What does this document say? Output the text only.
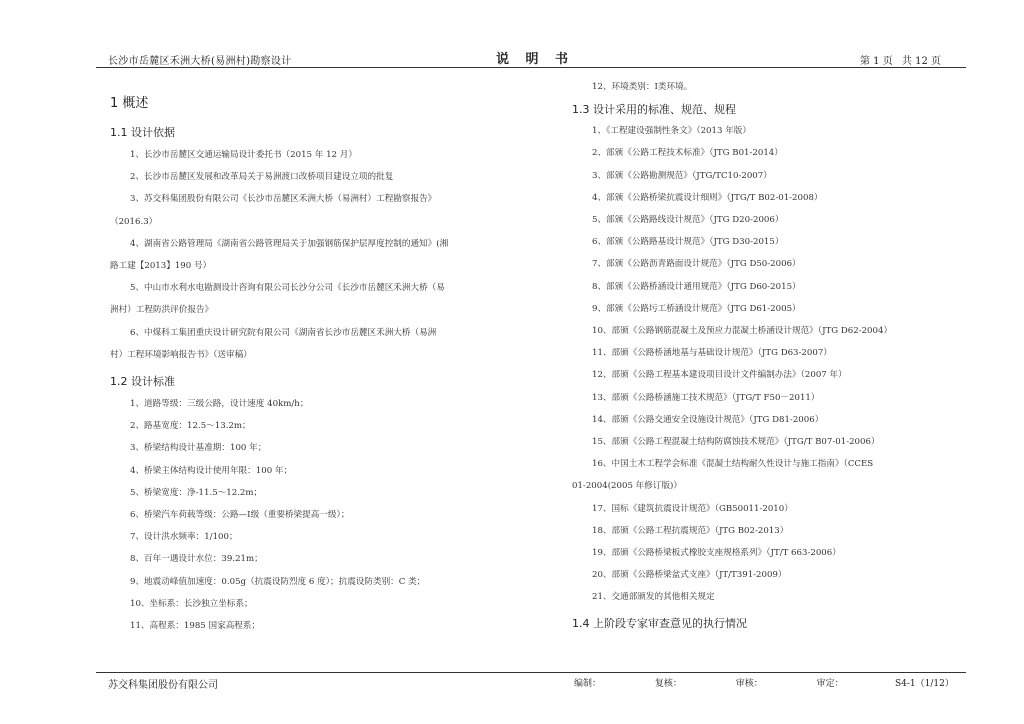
长沙市岳麓区禾洲大桥(易洲村)勘察设计	说 明 书	第 1 页 共 12 页
1 概述
1.1 设计依据
1、长沙市岳麓区交通运输局设计委托书（2015 年 12 月）
2、长沙市岳麓区发展和改革局关于易洲渡口改桥项目建设立项的批复
3、苏交科集团股份有限公司《长沙市岳麓区禾洲大桥（易洲村）工程勘察报告》
（2016.3）
4、湖南省公路管理局《湖南省公路管理局关于加强钢筋保护层厚度控制的通知》(湘
路工建【2013】190 号）
5、中山市水利水电勘测设计咨询有限公司长沙分公司《长沙市岳麓区禾洲大桥（易
洲村）工程防洪评价报告》
6、中煤科工集团重庆设计研究院有限公司《湖南省长沙市岳麓区禾洲大桥（易洲
村）工程环境影响报告书》（送审稿）
1.2 设计标准
1、道路等级：三级公路，设计速度 40km/h；
2、路基宽度：12.5～13.2m；
3、桥梁结构设计基准期：100 年；
4、桥梁主体结构设计使用年限：100 年；
5、桥梁宽度：净-11.5～12.2m；
6、桥梁汽车荷载等级：公路—Ⅰ级（重要桥梁提高一级）；
7、设计洪水频率：1/100；
8、百年一遇设计水位：39.21m；
9、地震动峰值加速度：0.05g（抗震设防烈度 6 度）；抗震设防类别：C 类；
10、坐标系：长沙独立坐标系；
11、高程系：1985 国家高程系；
12、环境类别：Ⅰ类环境。
1.3 设计采用的标准、规范、规程
1、《工程建设强制性条文》（2013 年版）
2、部颁《公路工程技术标准》（JTG B01-2014）
3、部颁《公路勘测规范》（JTG/TC10-2007）
4、部颁《公路桥梁抗震设计细则》（JTG/T B02-01-2008）
5、部颁《公路路线设计规范》（JTG D20-2006）
6、部颁《公路路基设计规范》（JTG D30-2015）
7、部颁《公路沥青路面设计规范》（JTG D50-2006）
8、部颁《公路桥涵设计通用规范》（JTG D60-2015）
9、部颁《公路圬工桥涵设计规范》（JTG D61-2005）
10、部颁《公路钢筋混凝土及预应力混凝土桥涵设计规范》（JTG D62-2004）
11、部颁《公路桥涵地基与基础设计规范》（JTG D63-2007）
12、部颁《公路工程基本建设项目设计文件编制办法》（2007 年）
13、部颁《公路桥涵施工技术规范》（JTG/T F50－2011）
14、部颁《公路交通安全设施设计规范》（JTG D81-2006）
15、部颁《公路工程混凝土结构防腐蚀技术规范》（JTG/T B07-01-2006）
16、中国土木工程学会标准《混凝土结构耐久性设计与施工指南》（CCES
01-2004(2005 年修订版)）
17、国标《建筑抗震设计规范》（GB50011-2010）
18、部颁《公路工程抗震规范》（JTG B02-2013）
19、部颁《公路桥梁板式橡胶支座规格系列》（JT/T 663-2006）
20、部颁《公路桥梁盆式支座》（JT/T391-2009）
21、交通部颁发的其他相关规定
1.4 上阶段专家审查意见的执行情况
苏交科集团股份有限公司	编制：	复核：	审核：	审定：	S4-1（1/12）
